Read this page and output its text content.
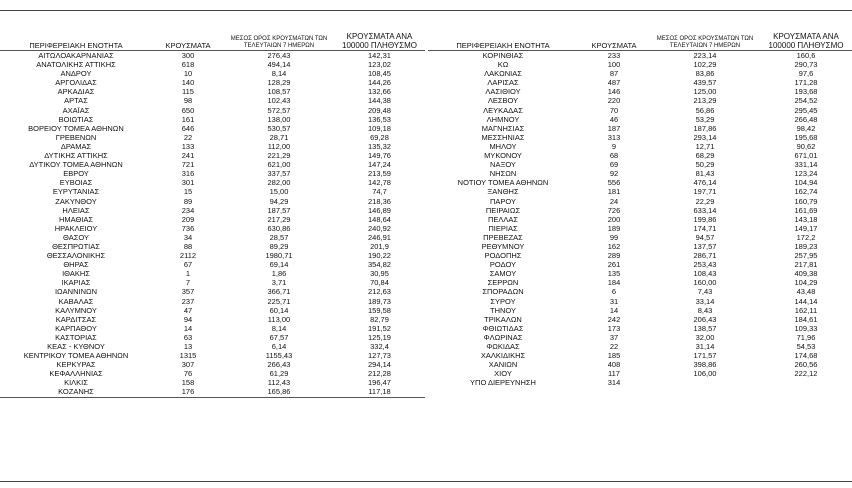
ΠΕΡΙΦΕΡΕΙΑΚΗ ΕΝΟΤΗΤΑ	ΚΡΟΥΣΜΑΤΑ	ΜΕΣΟΣ ΟΡΟΣ ΚΡΟΥΣΜΑΤΩΝ ΤΩΝ ΤΕΛΕΥΤΑΙΩΝ 7 ΗΜΕΡΩΝ	ΚΡΟΥΣΜΑΤΑ ΑΝΑ 100000 ΠΛΗΘΥΣΜΟ
ΑΙΤΩΛΟΑΚΑΡΝΑΝΙΑΣ	300	276,43	142,31
ΑΝΑΤΟΛΙΚΗΣ ΑΤΤΙΚΗΣ	618	494,14	123,02
ΑΝΔΡΟΥ	10	8,14	108,45
ΑΡΓΟΛΙΔΑΣ	140	128,29	144,26
ΑΡΚΑΔΙΑΣ	115	108,57	132,66
ΑΡΤΑΣ	98	102,43	144,38
ΑΧΑΪΑΣ	650	572,57	209,48
ΒΟΙΩΤΙΑΣ	161	138,00	136,53
ΒΟΡΕΙΟΥ ΤΟΜΕΑ ΑΘΗΝΩΝ	646	530,57	109,18
ΓΡΕΒΕΝΩΝ	22	28,71	69,28
ΔΡΑΜΑΣ	133	112,00	135,32
ΔΥΤΙΚΗΣ ΑΤΤΙΚΗΣ	241	221,29	149,76
ΔΥΤΙΚΟΥ ΤΟΜΕΑ ΑΘΗΝΩΝ	721	621,00	147,24
ΕΒΡΟΥ	316	337,57	213,59
ΕΥΒΟΙΑΣ	301	282,00	142,78
ΕΥΡΥΤΑΝΙΑΣ	15	15,00	74,7
ΖΑΚΥΝΘΟΥ	89	94,29	218,36
ΗΛΕΙΑΣ	234	187,57	146,89
ΗΜΑΘΙΑΣ	209	217,29	148,64
ΗΡΑΚΛΕΙΟΥ	736	630,86	240,92
ΘΑΣΟΥ	34	28,57	246,91
ΘΕΣΠΡΩΤΙΑΣ	88	89,29	201,9
ΘΕΣΣΑΛΟΝΙΚΗΣ	2112	1980,71	190,22
ΘΗΡΑΣ	67	69,14	354,82
ΙΘΑΚΗΣ	1	1,86	30,95
ΙΚΑΡΙΑΣ	7	3,71	70,84
ΙΩΑΝΝΙΝΩΝ	357	366,71	212,63
ΚΑΒΑΛΑΣ	237	225,71	189,73
ΚΑΛΥΜΝΟΥ	47	60,14	159,58
ΚΑΡΔΙΤΣΑΣ	94	113,00	82,79
ΚΑΡΠΑΘΟΥ	14	8,14	191,52
ΚΑΣΤΟΡΙΑΣ	63	67,57	125,19
ΚΕΑΣ - ΚΥΘΝΟΥ	13	6,14	332,4
ΚΕΝΤΡΙΚΟΥ ΤΟΜΕΑ ΑΘΗΝΩΝ	1315	1155,43	127,73
ΚΕΡΚΥΡΑΣ	307	266,43	294,14
ΚΕΦΑΛΛΗΝΙΑΣ	76	61,29	212,28
ΚΙΛΚΙΣ	158	112,43	196,47
ΚΟΖΑΝΗΣ	176	165,86	117,18
ΠΕΡΙΦΕΡΕΙΑΚΗ ΕΝΟΤΗΤΑ	ΚΡΟΥΣΜΑΤΑ	ΜΕΣΟΣ ΟΡΟΣ ΚΡΟΥΣΜΑΤΩΝ ΤΩΝ ΤΕΛΕΥΤΑΙΩΝ 7 ΗΜΕΡΩΝ	ΚΡΟΥΣΜΑΤΑ ΑΝΑ 100000 ΠΛΗΘΥΣΜΟ
ΚΟΡΙΝΘΙΑΣ	233	223,14	160,6
ΚΩ	100	102,29	290,73
ΛΑΚΩΝΙΑΣ	87	83,86	97,6
ΛΑΡΙΣΑΣ	487	439,57	171,28
ΛΑΣΙΘΙΟΥ	146	125,00	193,68
ΛΕΣΒΟΥ	220	213,29	254,52
ΛΕΥΚΑΔΑΣ	70	56,86	295,45
ΛΗΜΝΟΥ	46	53,29	266,48
ΜΑΓΝΗΣΙΑΣ	187	187,86	98,42
ΜΕΣΣΗΝΙΑΣ	313	293,14	195,68
ΜΗΛΟΥ	9	12,71	90,62
ΜΥΚΟΝΟΥ	68	68,29	671,01
ΝΑΞΟΥ	69	50,29	331,14
ΝΗΣΩΝ	92	81,43	123,24
ΝΟΤΙΟΥ ΤΟΜΕΑ ΑΘΗΝΩΝ	556	476,14	104,94
ΞΑΝΘΗΣ	181	197,71	162,74
ΠΑΡΟΥ	24	22,29	160,79
ΠΕΙΡΑΙΩΣ	726	633,14	161,69
ΠΕΛΛΑΣ	200	199,86	143,18
ΠΙΕΡΙΑΣ	189	174,71	149,17
ΠΡΕΒΕΖΑΣ	99	94,57	172,2
ΡΕΘΥΜΝΟΥ	162	137,57	189,23
ΡΟΔΟΠΗΣ	289	286,71	257,95
ΡΟΔΟΥ	261	253,43	217,81
ΣΑΜΟΥ	135	108,43	409,38
ΣΕΡΡΩΝ	184	160,00	104,29
ΣΠΟΡΑΔΩΝ	6	7,43	43,48
ΣΥΡΟΥ	31	33,14	144,14
ΤΗΝΟΥ	14	8,43	162,11
ΤΡΙΚΑΛΩΝ	242	206,43	184,61
ΦΘΙΩΤΙΔΑΣ	173	138,57	109,33
ΦΛΩΡΙΝΑΣ	37	32,00	71,96
ΦΩΚΙΔΑΣ	22	31,14	54,53
ΧΑΛΚΙΔΙΚΗΣ	185	171,57	174,68
ΧΑΝΙΩΝ	408	398,86	260,56
ΧΙΟΥ	117	106,00	222,12
ΥΠΟ ΔΙΕΡΕΥΝΗΣΗ	314		
